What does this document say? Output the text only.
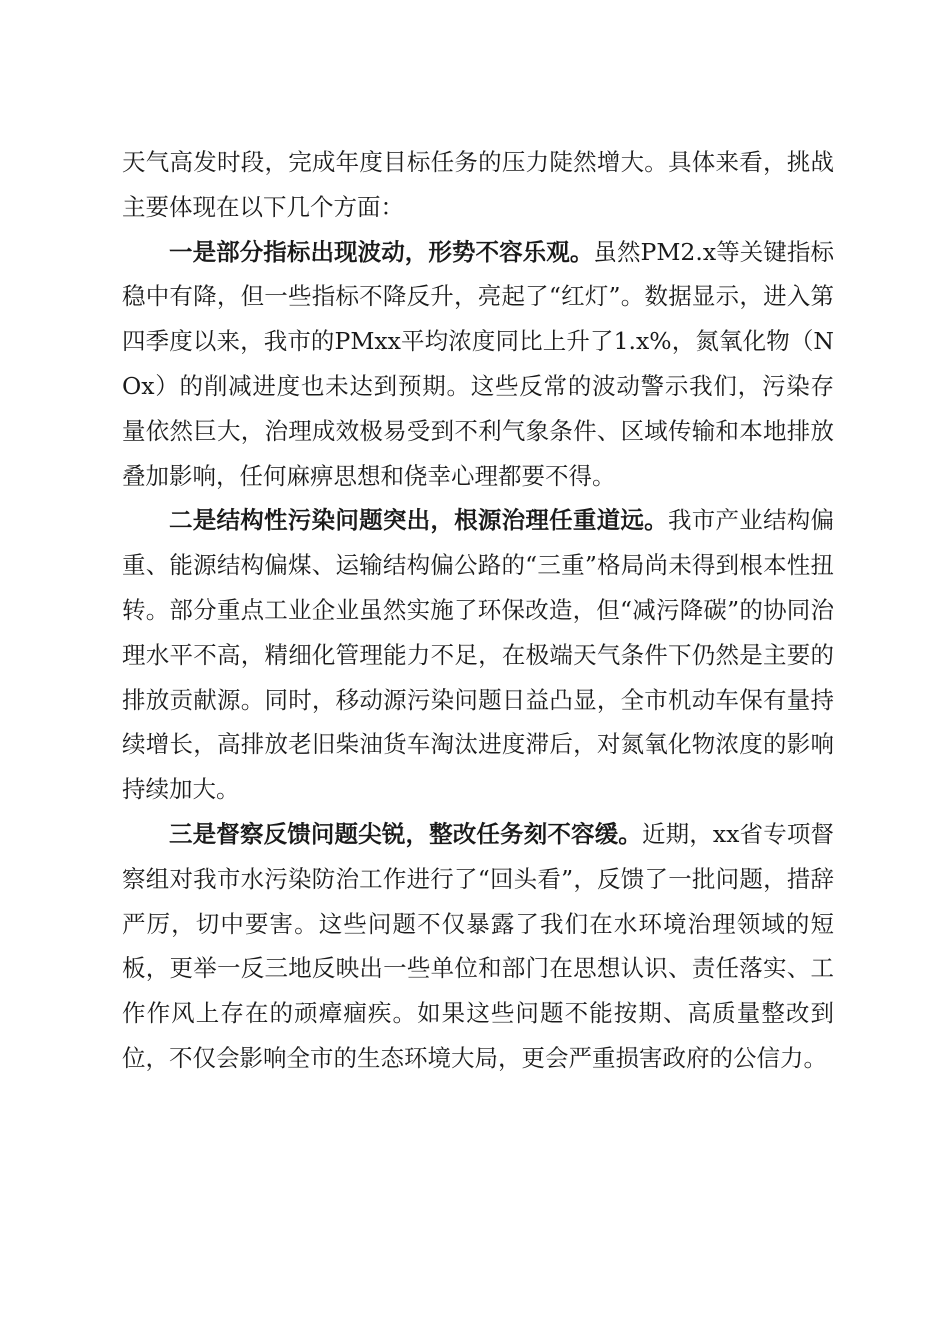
天气高发时段，完成年度目标任务的压力陡然增大。具体来看，挑战主要体现在以下几个方面：

一是部分指标出现波动，形势不容乐观。虽然PM2.x等关键指标稳中有降，但一些指标不降反升，亮起了“红灯”。数据显示，进入第四季度以来，我市的PMxx平均浓度同比上升了1.x%，氮氧化物（NOx）的削减进度也未达到预期。这些反常的波动警示我们，污染存量依然巨大，治理成效极易受到不利气象条件、区域传输和本地排放叠加影响，任何麻痹思想和侥幸心理都要不得。

二是结构性污染问题突出，根源治理任重道远。我市产业结构偏重、能源结构偏煤、运输结构偏公路的“三重”格局尚未得到根本性扭转。部分重点工业企业虽然实施了环保改造，但“减污降碳”的协同治理水平不高，精细化管理能力不足，在极端天气条件下仍然是主要的排放贡献源。同时，移动源污染问题日益凸显，全市机动车保有量持续增长，高排放老旧柴油货车淘汰进度滞后，对氮氧化物浓度的影响持续加大。

三是督察反馈问题尖锐，整改任务刻不容缓。近期，xx省专项督察组对我市水污染防治工作进行了“回头看”，反馈了一批问题，措辞严厉，切中要害。这些问题不仅暴露了我们在水环境治理领域的短板，更举一反三地反映出一些单位和部门在思想认识、责任落实、工作作风上存在的顽瘴痼疾。如果这些问题不能按期、高质量整改到位，不仅会影响全市的生态环境大局，更会严重损害政府的公信力。
